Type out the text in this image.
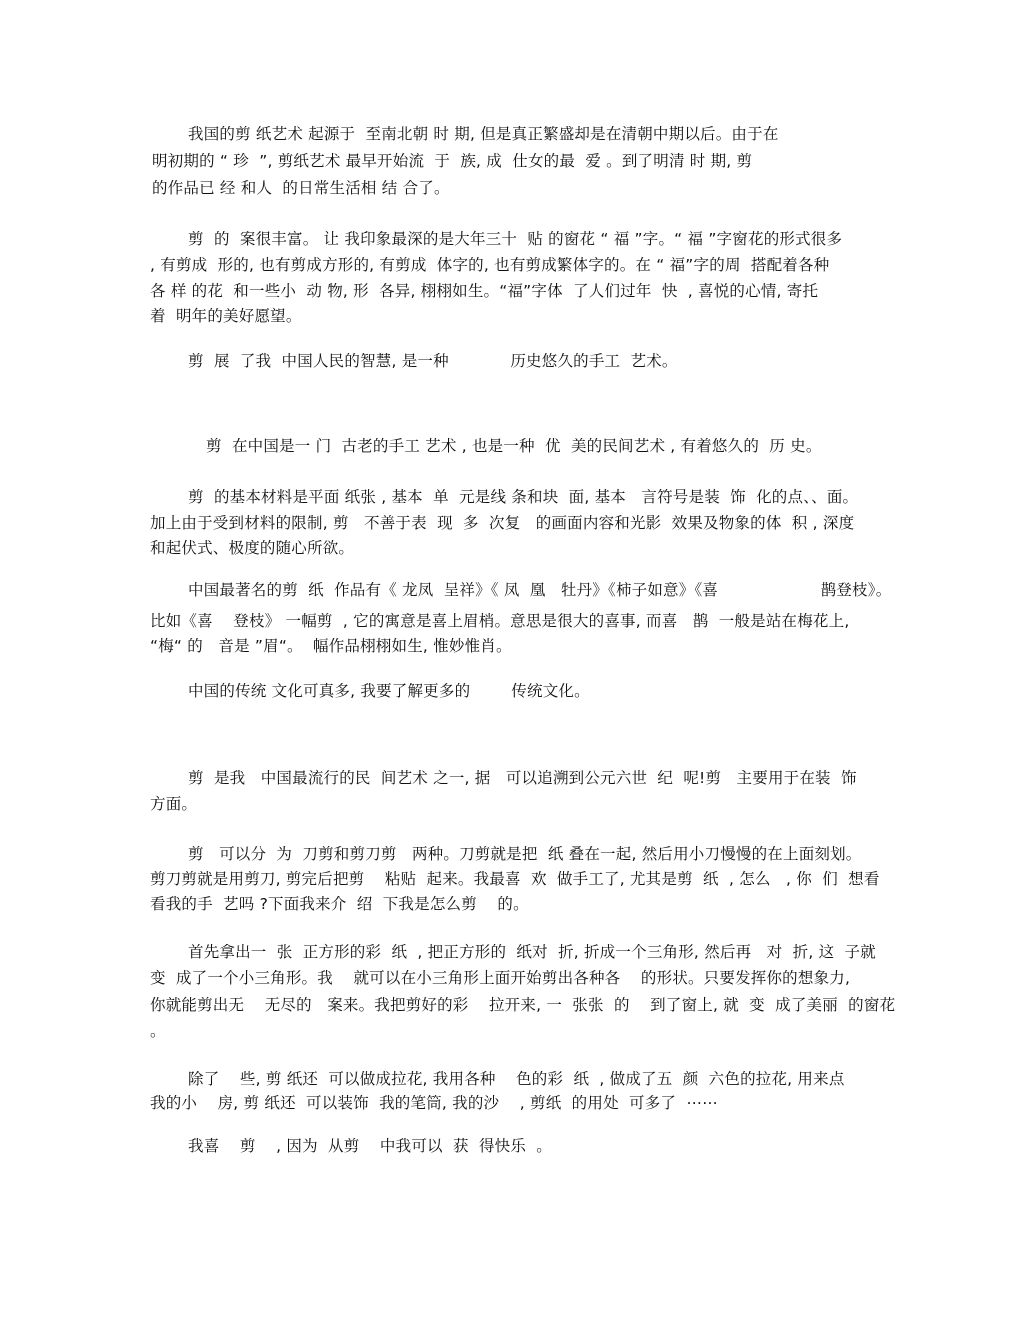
我国的剪 纸艺术 起源于  至南北朝 时 期, 但是真正繁盛却是在清朝中期以后。由于在
明初期的 “ 珍  ”, 剪纸艺术 最早开始流  于  族, 成  仕女的最  爱 。到了明清 时 期, 剪
的作品已 经 和人  的日常生活相 结 合了。
剪  的  案很丰富。 让 我印象最深的是大年三十  贴 的窗花 “ 福 ”字。“ 福 ”字窗花的形式很多
, 有剪成  形的, 也有剪成方形的, 有剪成  体字的, 也有剪成繁体字的。在 “ 福”字的周  搭配着各种
各 样 的花  和一些小  动 物, 形  各异, 栩栩如生。“福”字体  了人们过年  快  , 喜悦的心情, 寄托
着  明年的美好愿望。
剪  展  了我  中国人民的智慧, 是一种            历史悠久的手工  艺术。
剪  在中国是一 门  古老的手工 艺术 , 也是一种  优  美的民间艺术 , 有着悠久的  历 史。
剪  的基本材料是平面 纸张 , 基本  单  元是线 条和块  面, 基本   言符号是装  饰  化的点、、面。
加上由于受到材料的限制, 剪   不善于表  现  多  次复   的画面内容和光影  效果及物象的体  积 , 深度
和起伏式、极度的随心所欲。
中国最著名的剪  纸  作品有《 龙凤  呈祥》《 凤  凰   牡丹》《柿子如意》《喜                    鹊登枝》。
比如《喜    登枝》 一幅剪  , 它的寓意是喜上眉梢。意思是很大的喜事, 而喜   鹊  一般是站在梅花上,
“梅“ 的   音是 ”眉“。  幅作品栩栩如生, 惟妙惟肖。
中国的传统 文化可真多, 我要了解更多的        传统文化。
剪  是我   中国最流行的民  间艺术 之一, 据   可以追溯到公元六世  纪  呢!剪   主要用于在装  饰
方面。
剪   可以分  为  刀剪和剪刀剪   两种。刀剪就是把  纸 叠在一起, 然后用小刀慢慢的在上面刻划。
剪刀剪就是用剪刀, 剪完后把剪    粘贴  起来。我最喜  欢  做手工了, 尤其是剪  纸  , 怎么   , 你  们  想看
看我的手  艺吗 ?下面我来介  绍  下我是怎么剪    的。
首先拿出一  张  正方形的彩  纸  , 把正方形的  纸对  折, 折成一个三角形, 然后再   对  折, 这  子就
变  成了一个小三角形。我    就可以在小三角形上面开始剪出各种各    的形状。只要发挥你的想象力,
你就能剪出无    无尽的   案来。我把剪好的彩    拉开来, 一  张张  的    到了窗上, 就  变  成了美丽  的窗花
。
除了    些, 剪 纸还  可以做成拉花, 我用各种    色的彩  纸  , 做成了五  颜  六色的拉花, 用来点
我的小    房, 剪 纸还  可以装饰  我的笔筒, 我的沙    , 剪纸  的用处  可多了  ⋯⋯
我喜    剪    , 因为  从剪    中我可以  获  得快乐  。
